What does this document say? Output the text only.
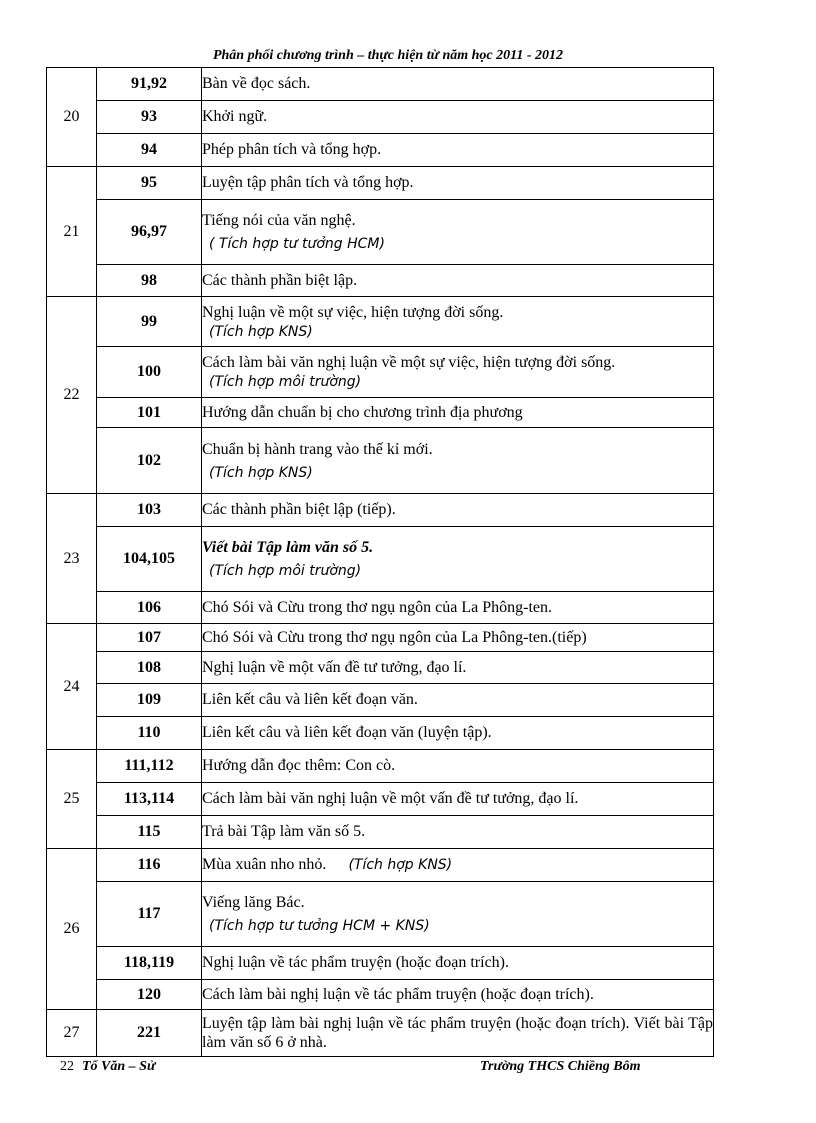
Phân phối chương trình – thực hiện từ năm học 2011 - 2012
20	91,92	Bàn về đọc sách.

	93	Khởi ngữ.

	94	Phép phân tích và tổng hợp.

21	95	Luyện tập phân tích và tổng hợp.

	96,97	Tiếng nói của văn nghệ.
( Tích hợp tư tưởng HCM)

	98	Các thành phần biệt lập.

22	99	Nghị luận về một sự việc, hiện tượng đời sống.
(Tích hợp KNS)

	100	Cách làm bài văn nghị luận về một sự việc, hiện tượng đời sống.
(Tích hợp môi trường)

	101	Hướng dẫn chuẩn bị cho chương trình địa phương

	102	Chuẩn bị hành trang vào thế kỉ mới.
(Tích hợp KNS)

23	103	Các thành phần biệt lập (tiếp).

	104,105	Viết bài Tập làm văn số 5.
(Tích hợp môi trường)

	106	Chó Sói và Cừu trong thơ ngụ ngôn của La Phông-ten.

24	107	Chó Sói và Cừu trong thơ ngụ ngôn của La Phông-ten.(tiếp)

	108	Nghị luận về một vấn đề tư tưởng, đạo lí.

	109	Liên kết câu và liên kết đoạn văn.

	110	Liên kết câu và liên kết đoạn văn (luyện tập).

25	111,112	Hướng dẫn đọc thêm: Con cò.

	113,114	Cách làm bài văn nghị luận về một vấn đề tư tưởng, đạo lí.

	115	Trả bài Tập làm văn số 5.

26	116	Mùa xuân nho nhỏ. (Tích hợp KNS)
	117	Viếng lăng Bác.
(Tích hợp tư tưởng HCM + KNS)

	118,119	Nghị luận về tác phẩm truyện (hoặc đoạn trích).

	120	Cách làm bài nghị luận về tác phẩm truyện (hoặc đoạn trích).

27	221	Luyện tập làm bài nghị luận về tác phẩm truyện (hoặc đoạn trích). Viết bài Tập làm văn số 6 ở nhà.
22 Tổ Văn – Sử	Trường THCS Chiềng Bôm
